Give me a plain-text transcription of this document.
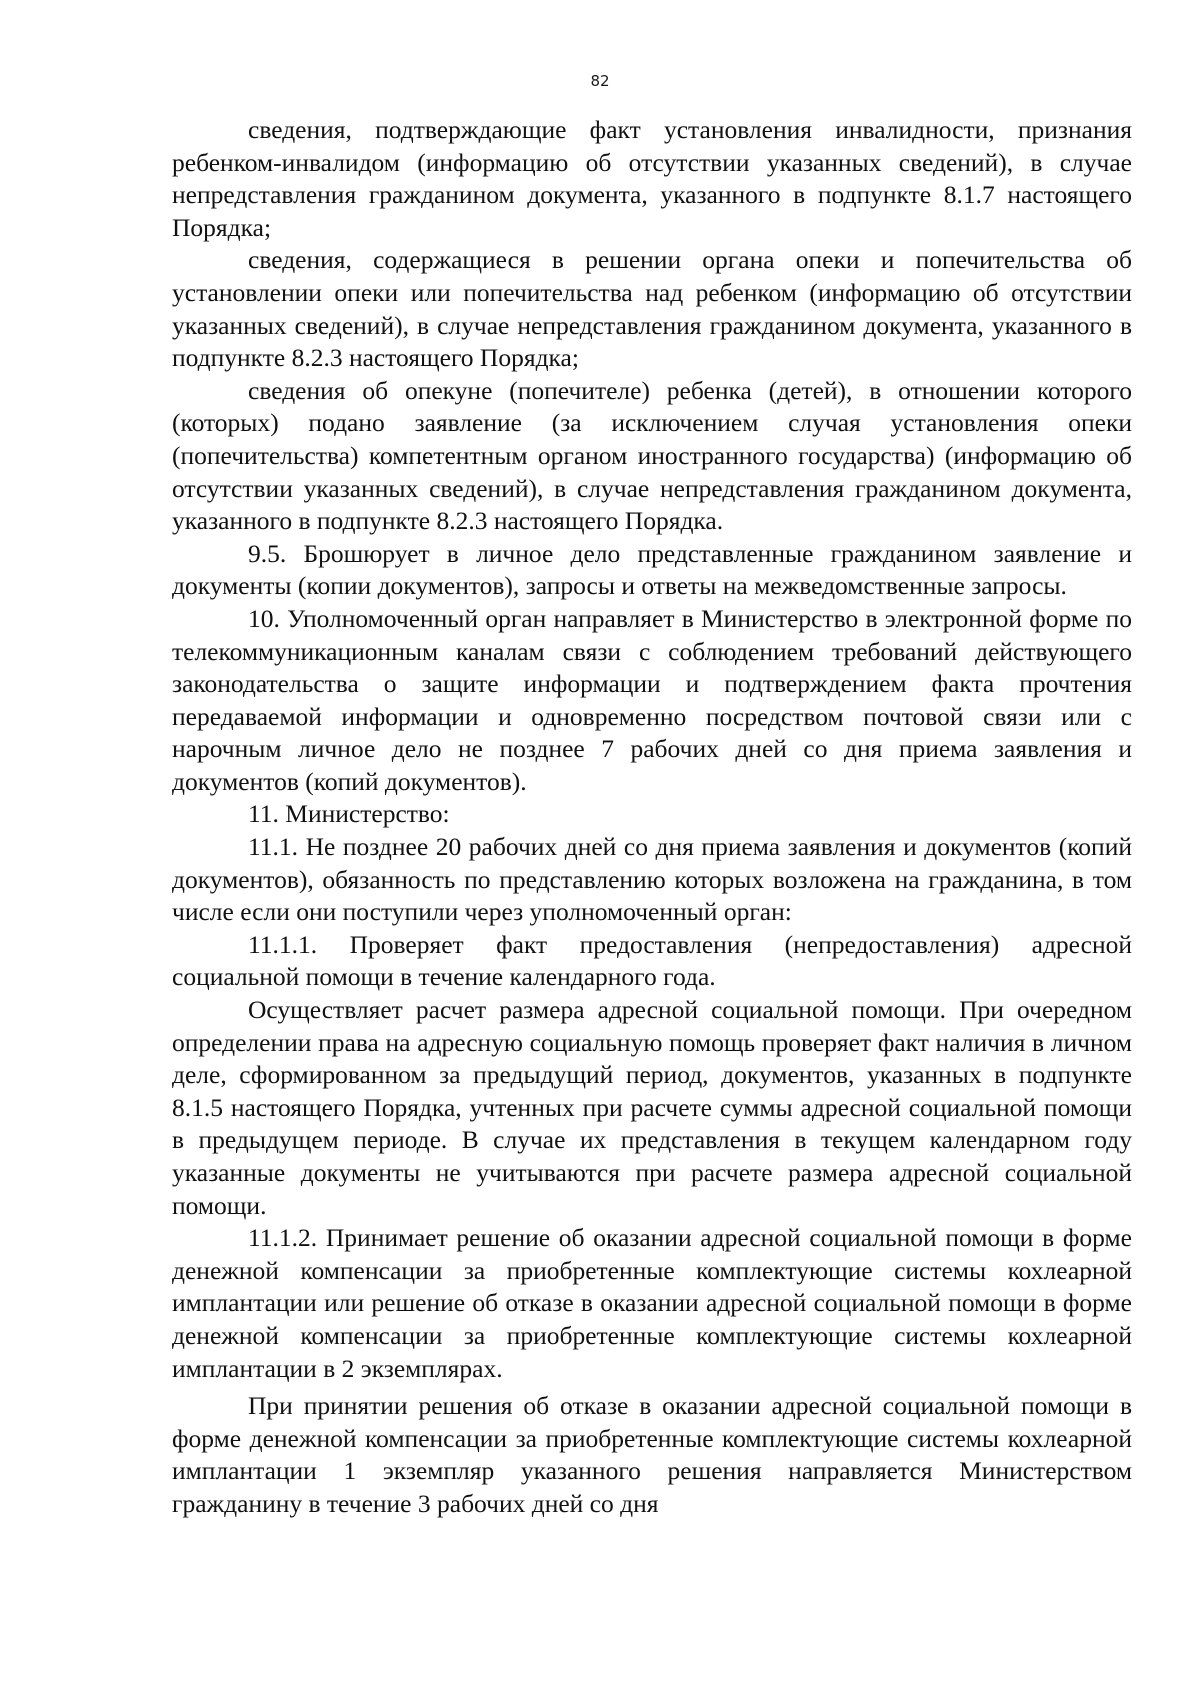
82

сведения, подтверждающие факт установления инвалидности, признания ребенком-инвалидом (информацию об отсутствии указанных сведений), в случае непредставления гражданином документа, указанного в подпункте 8.1.7 настоящего Порядка;

сведения, содержащиеся в решении органа опеки и попечительства об установлении опеки или попечительства над ребенком (информацию об отсутствии указанных сведений), в случае непредставления гражданином документа, указанного в подпункте 8.2.3 настоящего Порядка;

сведения об опекуне (попечителе) ребенка (детей), в отношении которого (которых) подано заявление (за исключением случая установления опеки (попечительства) компетентным органом иностранного государства) (информацию об отсутствии указанных сведений), в случае непредставления гражданином документа, указанного в подпункте 8.2.3 настоящего Порядка.

9.5. Брошюрует в личное дело представленные гражданином заявление и документы (копии документов), запросы и ответы на межведомственные запросы.

10. Уполномоченный орган направляет в Министерство в электронной форме по телекоммуникационным каналам связи с соблюдением требований действующего законодательства о защите информации и подтверждением факта прочтения передаваемой информации и одновременно посредством почтовой связи или с нарочным личное дело не позднее 7 рабочих дней со дня приема заявления и документов (копий документов).

11. Министерство:

11.1. Не позднее 20 рабочих дней со дня приема заявления и документов (копий документов), обязанность по представлению которых возложена на гражданина, в том числе если они поступили через уполномоченный орган:

11.1.1. Проверяет факт предоставления (непредоставления) адресной социальной помощи в течение календарного года.

Осуществляет расчет размера адресной социальной помощи. При очередном определении права на адресную социальную помощь проверяет факт наличия в личном деле, сформированном за предыдущий период, документов, указанных в подпункте 8.1.5 настоящего Порядка, учтенных при расчете суммы адресной социальной помощи в предыдущем периоде. В случае их представления в текущем календарном году указанные документы не учитываются при расчете размера адресной социальной помощи.

11.1.2. Принимает решение об оказании адресной социальной помощи в форме денежной компенсации за приобретенные комплектующие системы кохлеарной имплантации или решение об отказе в оказании адресной социальной помощи в форме денежной компенсации за приобретенные комплектующие системы кохлеарной имплантации в 2 экземплярах.

При принятии решения об отказе в оказании адресной социальной помощи в форме денежной компенсации за приобретенные комплектующие системы кохлеарной имплантации 1 экземпляр указанного решения направляется Министерством гражданину в течение 3 рабочих дней со дня
